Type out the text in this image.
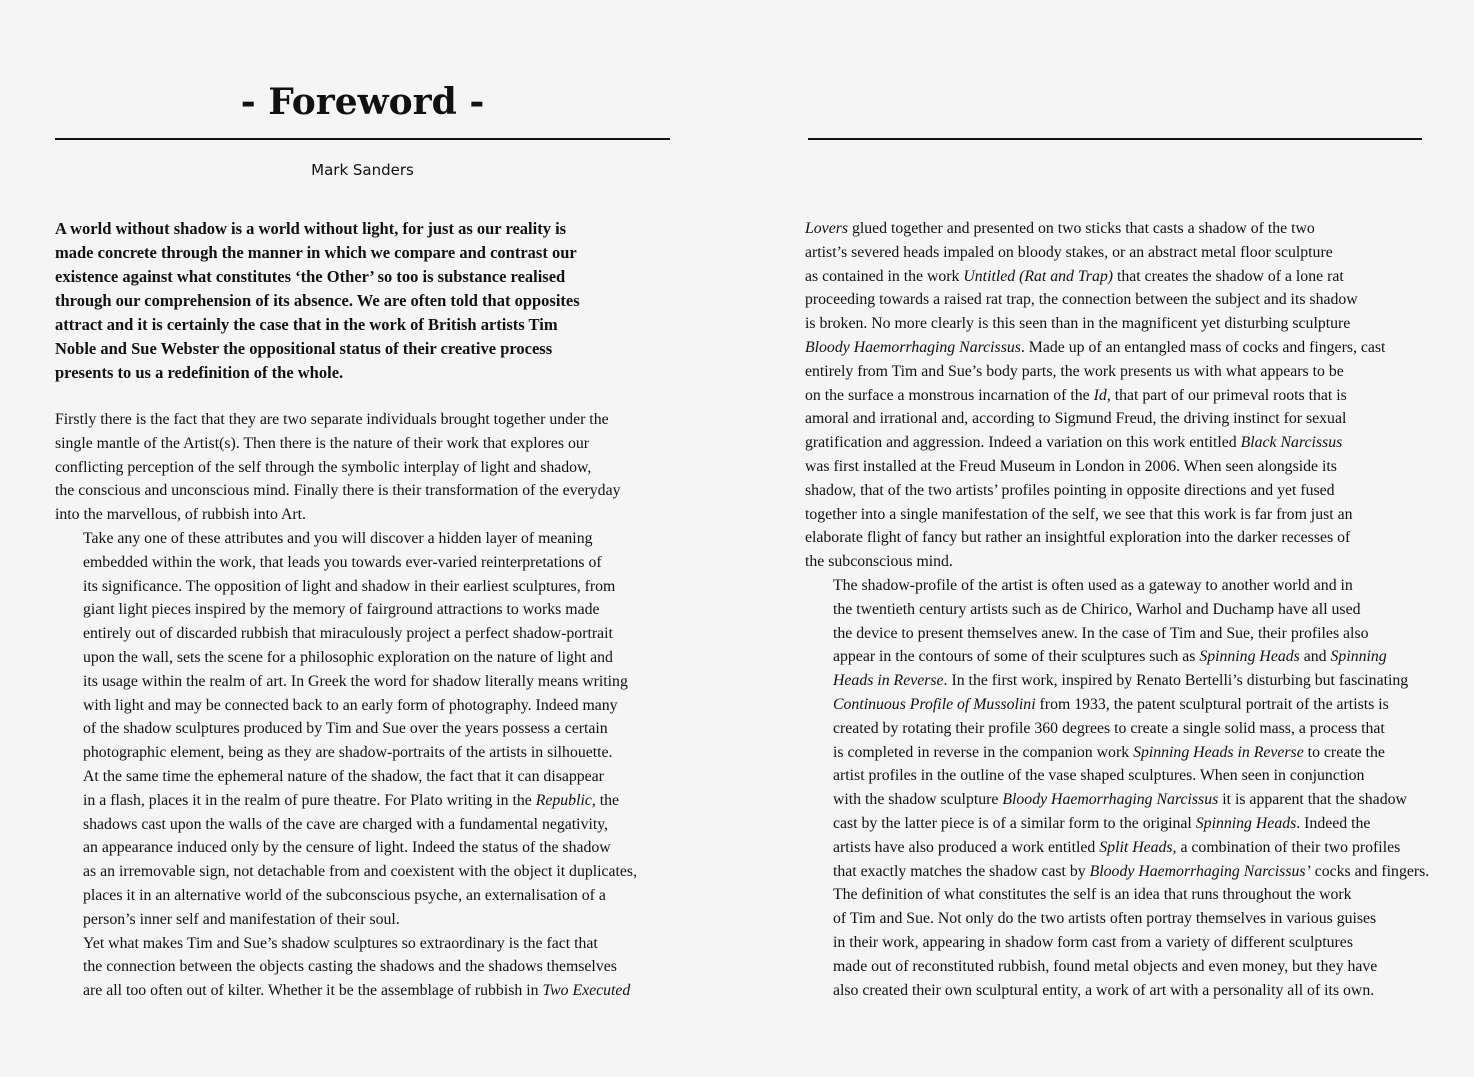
- Foreword -
Mark Sanders
A world without shadow is a world without light, for just as our reality is
made concrete through the manner in which we compare and contrast our
existence against what constitutes ‘the Other’ so too is substance realised
through our comprehension of its absence. We are often told that opposites
attract and it is certainly the case that in the work of British artists Tim
Noble and Sue Webster the oppositional status of their creative process
presents to us a redefinition of the whole.

Firstly there is the fact that they are two separate individuals brought together under the
single mantle of the Artist(s). Then there is the nature of their work that explores our
conflicting perception of the self through the symbolic interplay of light and shadow,
the conscious and unconscious mind. Finally there is their transformation of the everyday
into the marvellous, of rubbish into Art.

Take any one of these attributes and you will discover a hidden layer of meaning
embedded within the work, that leads you towards ever-varied reinterpretations of
its significance. The opposition of light and shadow in their earliest sculptures, from
giant light pieces inspired by the memory of fairground attractions to works made
entirely out of discarded rubbish that miraculously project a perfect shadow-portrait
upon the wall, sets the scene for a philosophic exploration on the nature of light and
its usage within the realm of art. In Greek the word for shadow literally means writing
with light and may be connected back to an early form of photography. Indeed many
of the shadow sculptures produced by Tim and Sue over the years possess a certain
photographic element, being as they are shadow-portraits of the artists in silhouette.
At the same time the ephemeral nature of the shadow, the fact that it can disappear
in a flash, places it in the realm of pure theatre. For Plato writing in the Republic, the
shadows cast upon the walls of the cave are charged with a fundamental negativity,
an appearance induced only by the censure of light. Indeed the status of the shadow
as an irremovable sign, not detachable from and coexistent with the object it duplicates,
places it in an alternative world of the subconscious psyche, an externalisation of a
person’s inner self and manifestation of their soul.

Yet what makes Tim and Sue’s shadow sculptures so extraordinary is the fact that
the connection between the objects casting the shadows and the shadows themselves
are all too often out of kilter. Whether it be the assemblage of rubbish in Two Executed

Lovers glued together and presented on two sticks that casts a shadow of the two
artist’s severed heads impaled on bloody stakes, or an abstract metal floor sculpture
as contained in the work Untitled (Rat and Trap) that creates the shadow of a lone rat
proceeding towards a raised rat trap, the connection between the subject and its shadow
is broken. No more clearly is this seen than in the magnificent yet disturbing sculpture
Bloody Haemorrhaging Narcissus. Made up of an entangled mass of cocks and fingers, cast
entirely from Tim and Sue’s body parts, the work presents us with what appears to be
on the surface a monstrous incarnation of the Id, that part of our primeval roots that is
amoral and irrational and, according to Sigmund Freud, the driving instinct for sexual
gratification and aggression. Indeed a variation on this work entitled Black Narcissus
was first installed at the Freud Museum in London in 2006. When seen alongside its
shadow, that of the two artists’ profiles pointing in opposite directions and yet fused
together into a single manifestation of the self, we see that this work is far from just an
elaborate flight of fancy but rather an insightful exploration into the darker recesses of
the subconscious mind.

The shadow-profile of the artist is often used as a gateway to another world and in
the twentieth century artists such as de Chirico, Warhol and Duchamp have all used
the device to present themselves anew. In the case of Tim and Sue, their profiles also
appear in the contours of some of their sculptures such as Spinning Heads and Spinning
Heads in Reverse. In the first work, inspired by Renato Bertelli’s disturbing but fascinating
Continuous Profile of Mussolini from 1933, the patent sculptural portrait of the artists is
created by rotating their profile 360 degrees to create a single solid mass, a process that
is completed in reverse in the companion work Spinning Heads in Reverse to create the
artist profiles in the outline of the vase shaped sculptures. When seen in conjunction
with the shadow sculpture Bloody Haemorrhaging Narcissus it is apparent that the shadow
cast by the latter piece is of a similar form to the original Spinning Heads. Indeed the
artists have also produced a work entitled Split Heads, a combination of their two profiles
that exactly matches the shadow cast by Bloody Haemorrhaging Narcissus’ cocks and fingers.

The definition of what constitutes the self is an idea that runs throughout the work
of Tim and Sue. Not only do the two artists often portray themselves in various guises
in their work, appearing in shadow form cast from a variety of different sculptures
made out of reconstituted rubbish, found metal objects and even money, but they have
also created their own sculptural entity, a work of art with a personality all of its own.
